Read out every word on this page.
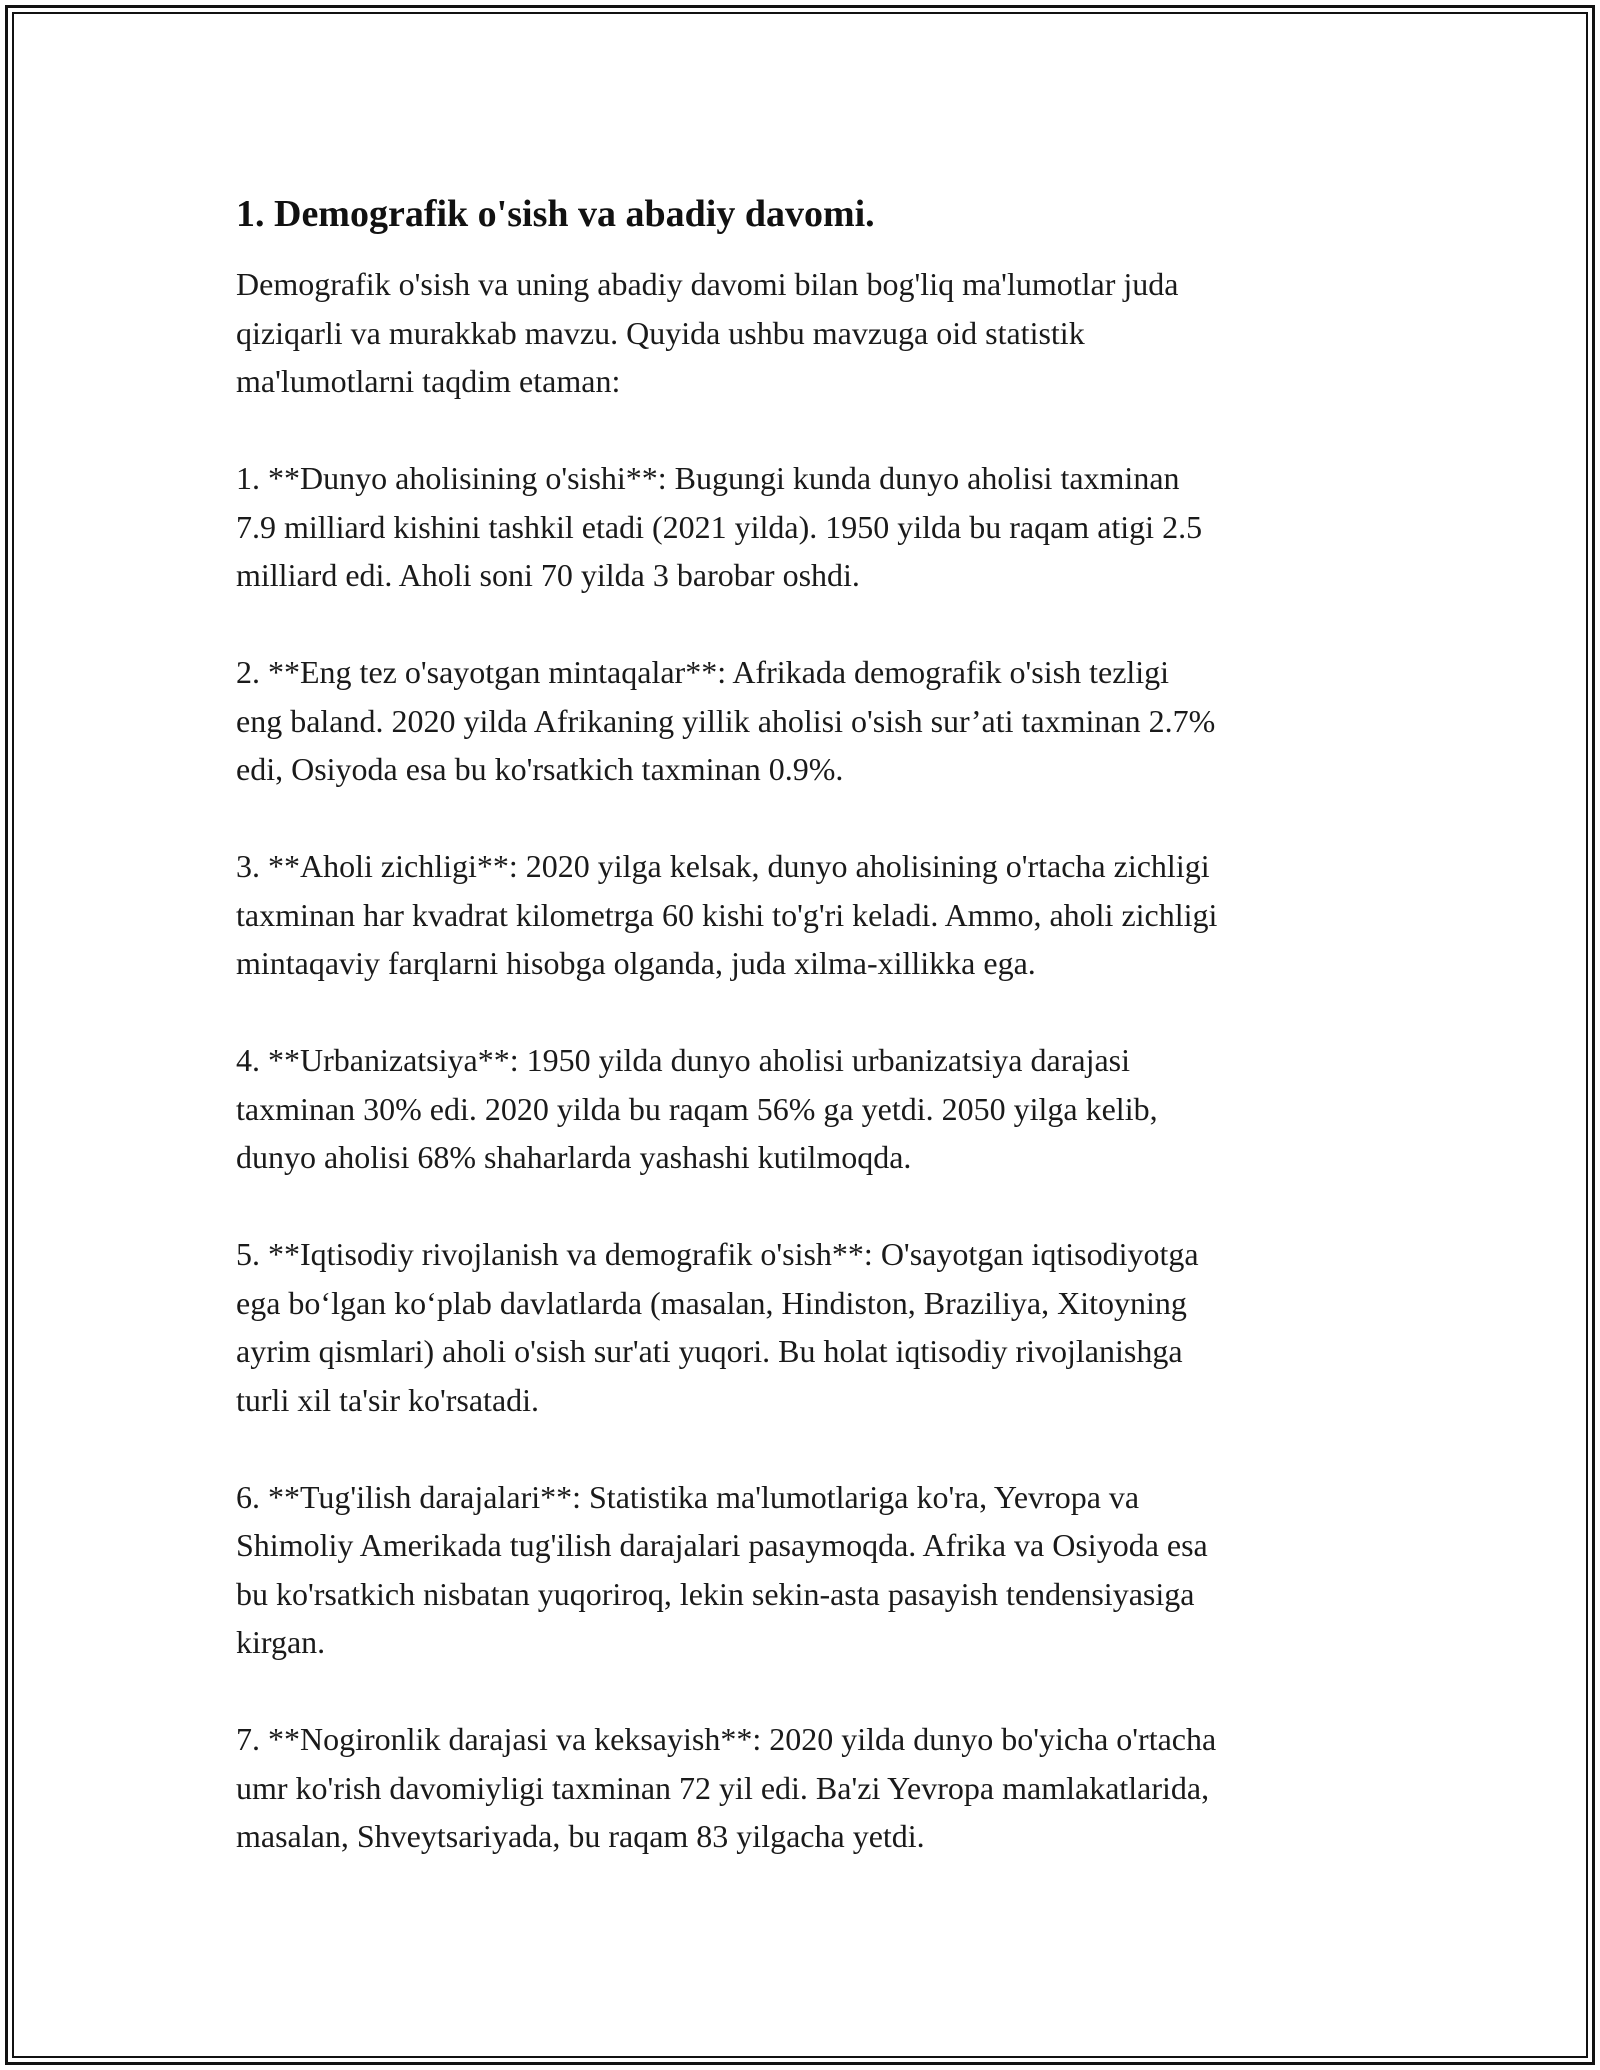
1. Demografik o'sish va abadiy davomi.

Demografik o'sish va uning abadiy davomi bilan bog'liq ma'lumotlar juda
qiziqarli va murakkab mavzu. Quyida ushbu mavzuga oid statistik
ma'lumotlarni taqdim etaman:

1. **Dunyo aholisining o'sishi**: Bugungi kunda dunyo aholisi taxminan
7.9 milliard kishini tashkil etadi (2021 yilda). 1950 yilda bu raqam atigi 2.5
milliard edi. Aholi soni 70 yilda 3 barobar oshdi.

2. **Eng tez o'sayotgan mintaqalar**: Afrikada demografik o'sish tezligi
eng baland. 2020 yilda Afrikaning yillik aholisi o'sish sur’ati taxminan 2.7%
edi, Osiyoda esa bu ko'rsatkich taxminan 0.9%.

3. **Aholi zichligi**: 2020 yilga kelsak, dunyo aholisining o'rtacha zichligi
taxminan har kvadrat kilometrga 60 kishi to'g'ri keladi. Ammo, aholi zichligi
mintaqaviy farqlarni hisobga olganda, juda xilma-xillikka ega.

4. **Urbanizatsiya**: 1950 yilda dunyo aholisi urbanizatsiya darajasi
taxminan 30% edi. 2020 yilda bu raqam 56% ga yetdi. 2050 yilga kelib,
dunyo aholisi 68% shaharlarda yashashi kutilmoqda.

5. **Iqtisodiy rivojlanish va demografik o'sish**: O'sayotgan iqtisodiyotga
ega boʻlgan koʻplab davlatlarda (masalan, Hindiston, Braziliya, Xitoyning
ayrim qismlari) aholi o'sish sur'ati yuqori. Bu holat iqtisodiy rivojlanishga
turli xil ta'sir ko'rsatadi.

6. **Tug'ilish darajalari**: Statistika ma'lumotlariga ko'ra, Yevropa va
Shimoliy Amerikada tug'ilish darajalari pasaymoqda. Afrika va Osiyoda esa
bu ko'rsatkich nisbatan yuqoriroq, lekin sekin-asta pasayish tendensiyasiga
kirgan.

7. **Nogironlik darajasi va keksayish**: 2020 yilda dunyo bo'yicha o'rtacha
umr ko'rish davomiyligi taxminan 72 yil edi. Ba'zi Yevropa mamlakatlarida,
masalan, Shveytsariyada, bu raqam 83 yilgacha yetdi.
